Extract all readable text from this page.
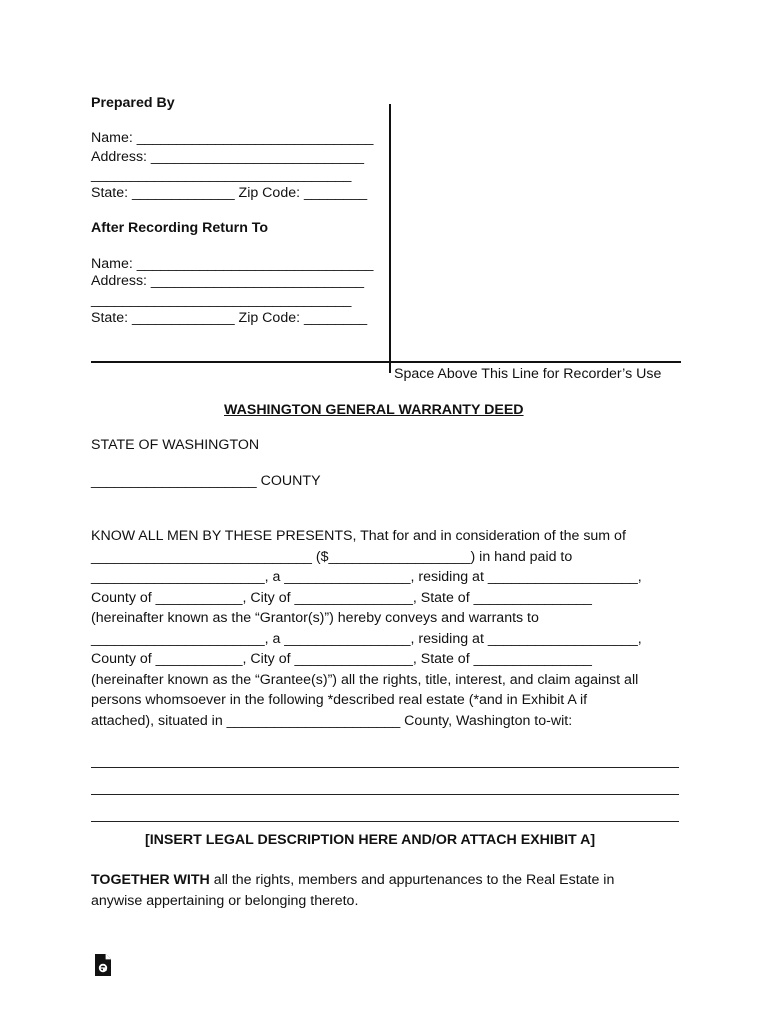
Prepared By
Name: ______________________________
Address: ___________________________
_________________________________
State: _____________ Zip Code: ________
After Recording Return To
Name: ______________________________
Address: ___________________________
_________________________________
State: _____________ Zip Code: ________
Space Above This Line for Recorder’s Use
WASHINGTON GENERAL WARRANTY DEED
STATE OF WASHINGTON
_____________________ COUNTY
KNOW ALL MEN BY THESE PRESENTS, That for and in consideration of the sum of
____________________________ ($__________________) in hand paid to
______________________, a ________________, residing at ___________________,
County of ___________, City of _______________, State of _______________
(hereinafter known as the “Grantor(s)”) hereby conveys and warrants to
______________________, a ________________, residing at ___________________,
County of ___________, City of _______________, State of _______________
(hereinafter known as the “Grantee(s)”) all the rights, title, interest, and claim against all
persons whomsoever in the following *described real estate (*and in Exhibit A if
attached), situated in ______________________ County, Washington to-wit:
[INSERT LEGAL DESCRIPTION HERE AND/OR ATTACH EXHIBIT A]
TOGETHER WITH all the rights, members and appurtenances to the Real Estate in
anywise appertaining or belonging thereto.
